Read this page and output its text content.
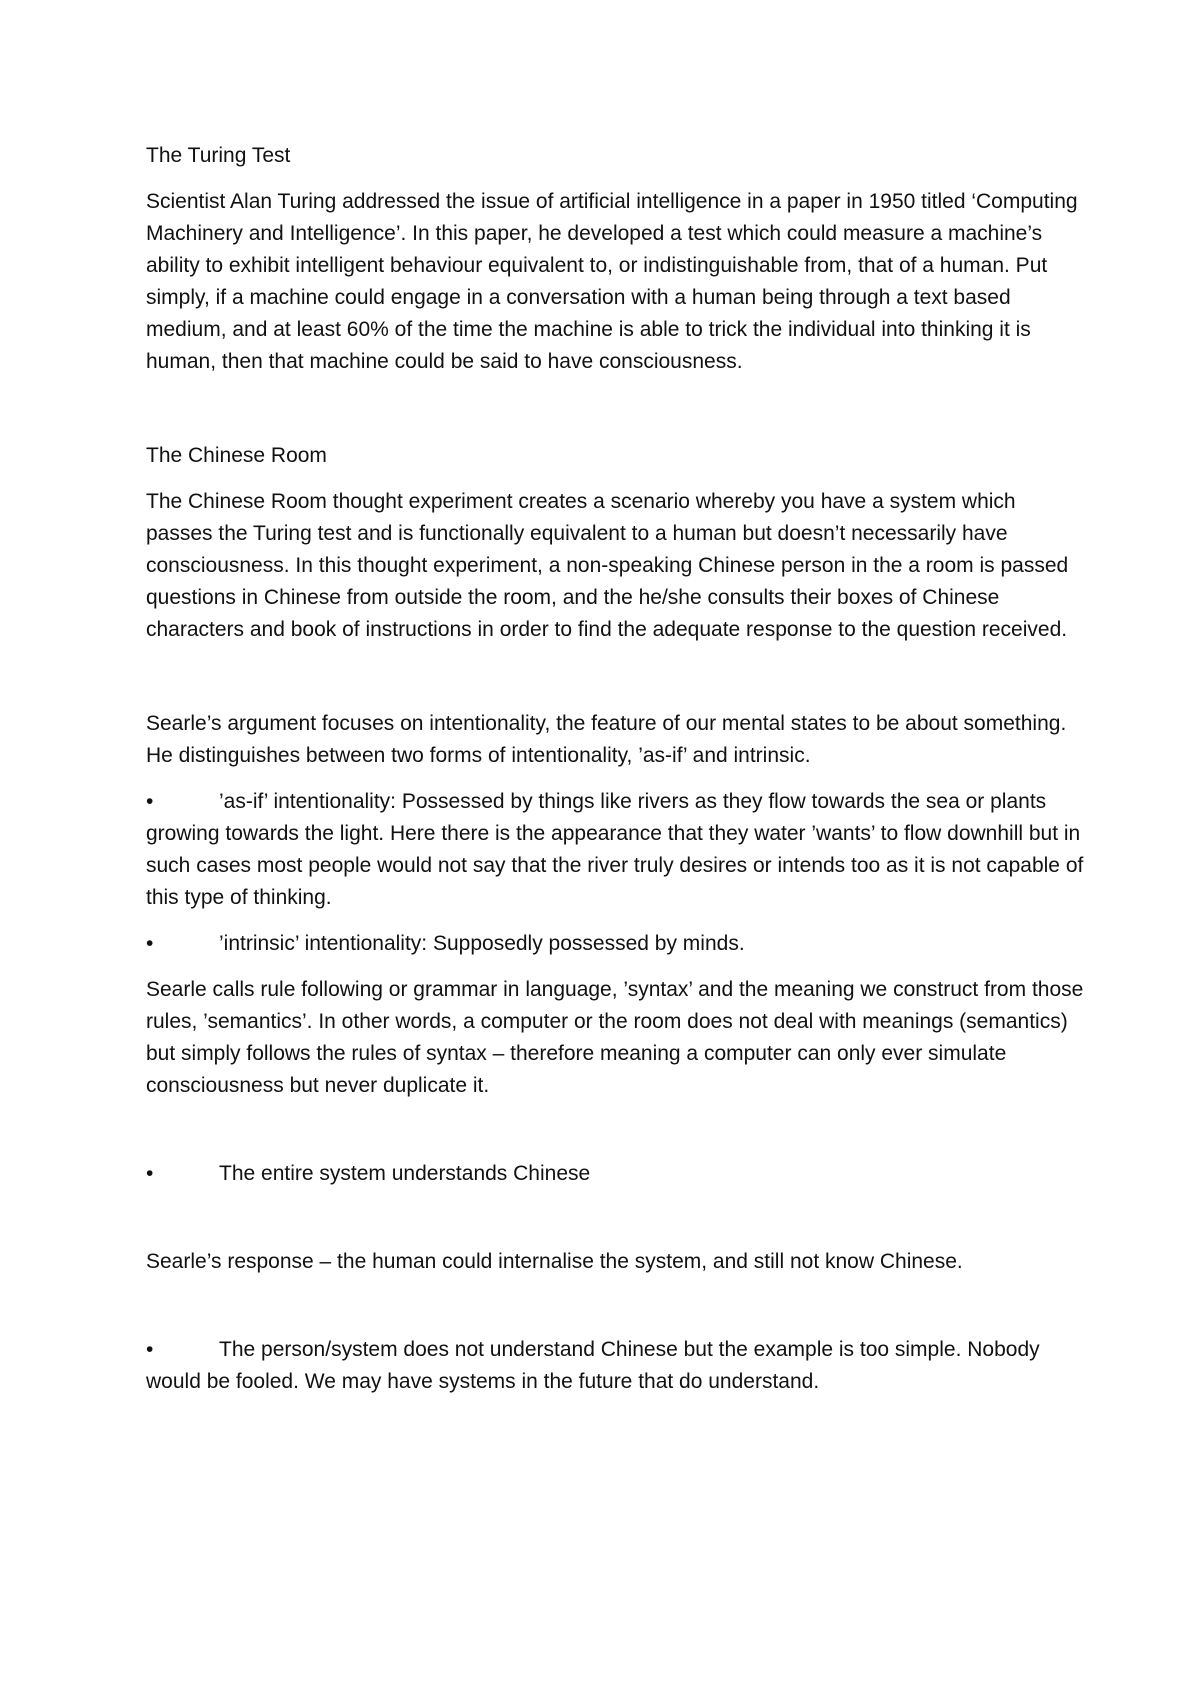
The Turing Test

Scientist Alan Turing addressed the issue of artificial intelligence in a paper in 1950 titled ‘Computing Machinery and Intelligence’. In this paper, he developed a test which could measure a machine’s ability to exhibit intelligent behaviour equivalent to, or indistinguishable from, that of a human. Put simply, if a machine could engage in a conversation with a human being through a text based medium, and at least 60% of the time the machine is able to trick the individual into thinking it is human, then that machine could be said to have consciousness.

The Chinese Room

The Chinese Room thought experiment creates a scenario whereby you have a system which passes the Turing test and is functionally equivalent to a human but doesn’t necessarily have consciousness. In this thought experiment, a non-speaking Chinese person in the a room is passed questions in Chinese from outside the room, and the he/she consults their boxes of Chinese characters and book of instructions in order to find the adequate response to the question received.

Searle’s argument focuses on intentionality, the feature of our mental states to be about something. He distinguishes between two forms of intentionality, ’as-if’ and intrinsic.

•	’as-if’ intentionality: Possessed by things like rivers as they flow towards the sea or plants growing towards the light. Here there is the appearance that they water ’wants’ to flow downhill but in such cases most people would not say that the river truly desires or intends too as it is not capable of this type of thinking.

•	’intrinsic’ intentionality: Supposedly possessed by minds.

Searle calls rule following or grammar in language, ’syntax’ and the meaning we construct from those rules, ’semantics’. In other words, a computer or the room does not deal with meanings (semantics) but simply follows the rules of syntax – therefore meaning a computer can only ever simulate consciousness but never duplicate it.

•	The entire system understands Chinese

Searle’s response – the human could internalise the system, and still not know Chinese.

•	The person/system does not understand Chinese but the example is too simple. Nobody would be fooled. We may have systems in the future that do understand.
